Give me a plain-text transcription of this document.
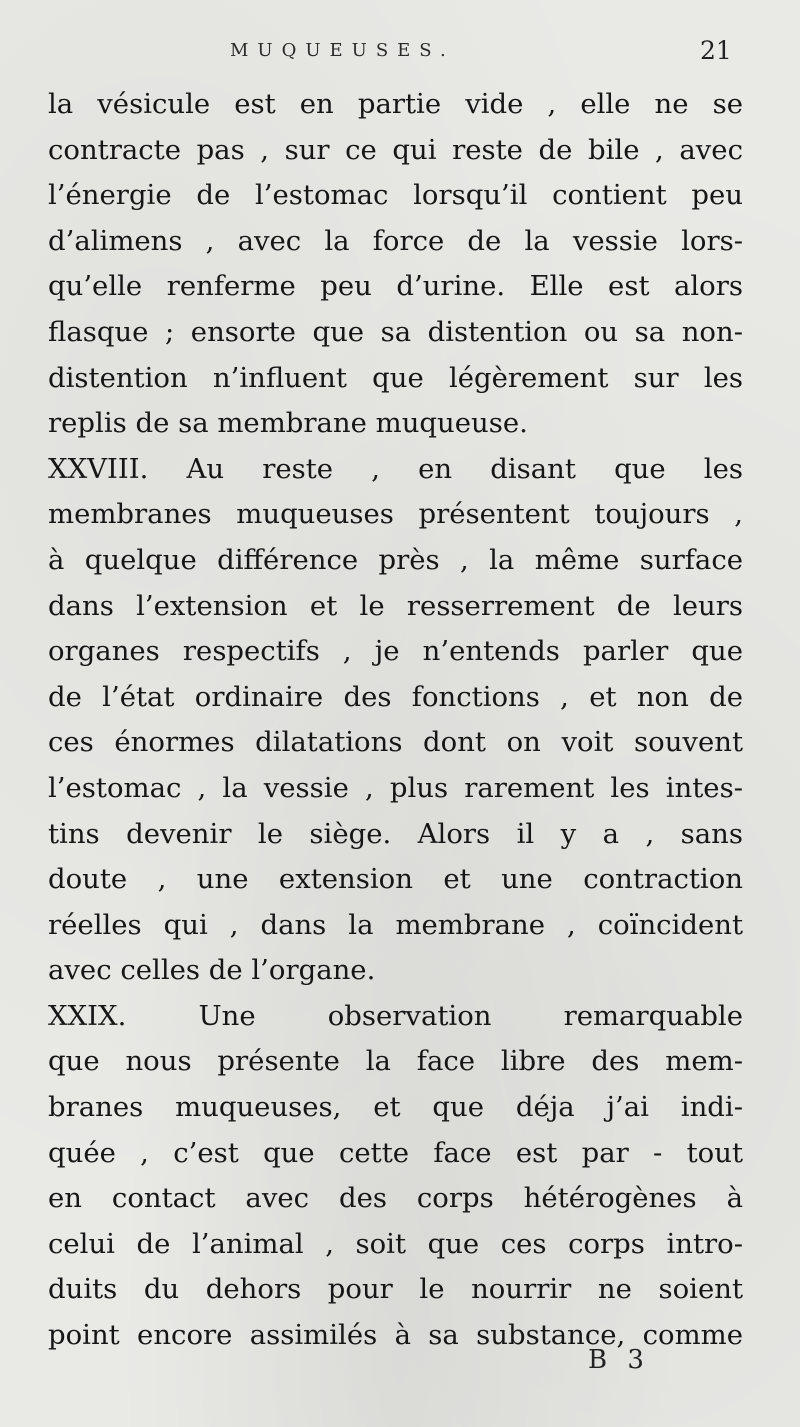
MUQUEUSES.	21
la vésicule est en partie vide , elle ne se
contracte pas , sur ce qui reste de bile , avec
l’énergie de l’estomac lorsqu’il contient peu
d’alimens , avec la force de la vessie lors-
qu’elle renferme peu d’urine. Elle est alors
flasque ; ensorte que sa distention ou sa non-
distention n’influent que légèrement sur les
replis de sa membrane muqueuse.
XXVIII. Au reste , en disant que les
membranes muqueuses présentent toujours ,
à quelque différence près , la même surface
dans l’extension et le resserrement de leurs
organes respectifs , je n’entends parler que
de l’état ordinaire des fonctions , et non de
ces énormes dilatations dont on voit souvent
l’estomac , la vessie , plus rarement les intes-
tins devenir le siège. Alors il y a , sans
doute , une extension et une contraction
réelles qui , dans la membrane , coïncident
avec celles de l’organe.
XXIX. Une observation remarquable
que nous présente la face libre des mem-
branes muqueuses, et que déja j’ai indi-
quée , c’est que cette face est par - tout
en contact avec des corps hétérogènes à
celui de l’animal , soit que ces corps intro-
duits du dehors pour le nourrir ne soient
point encore assimilés à sa substance, comme
B 3
